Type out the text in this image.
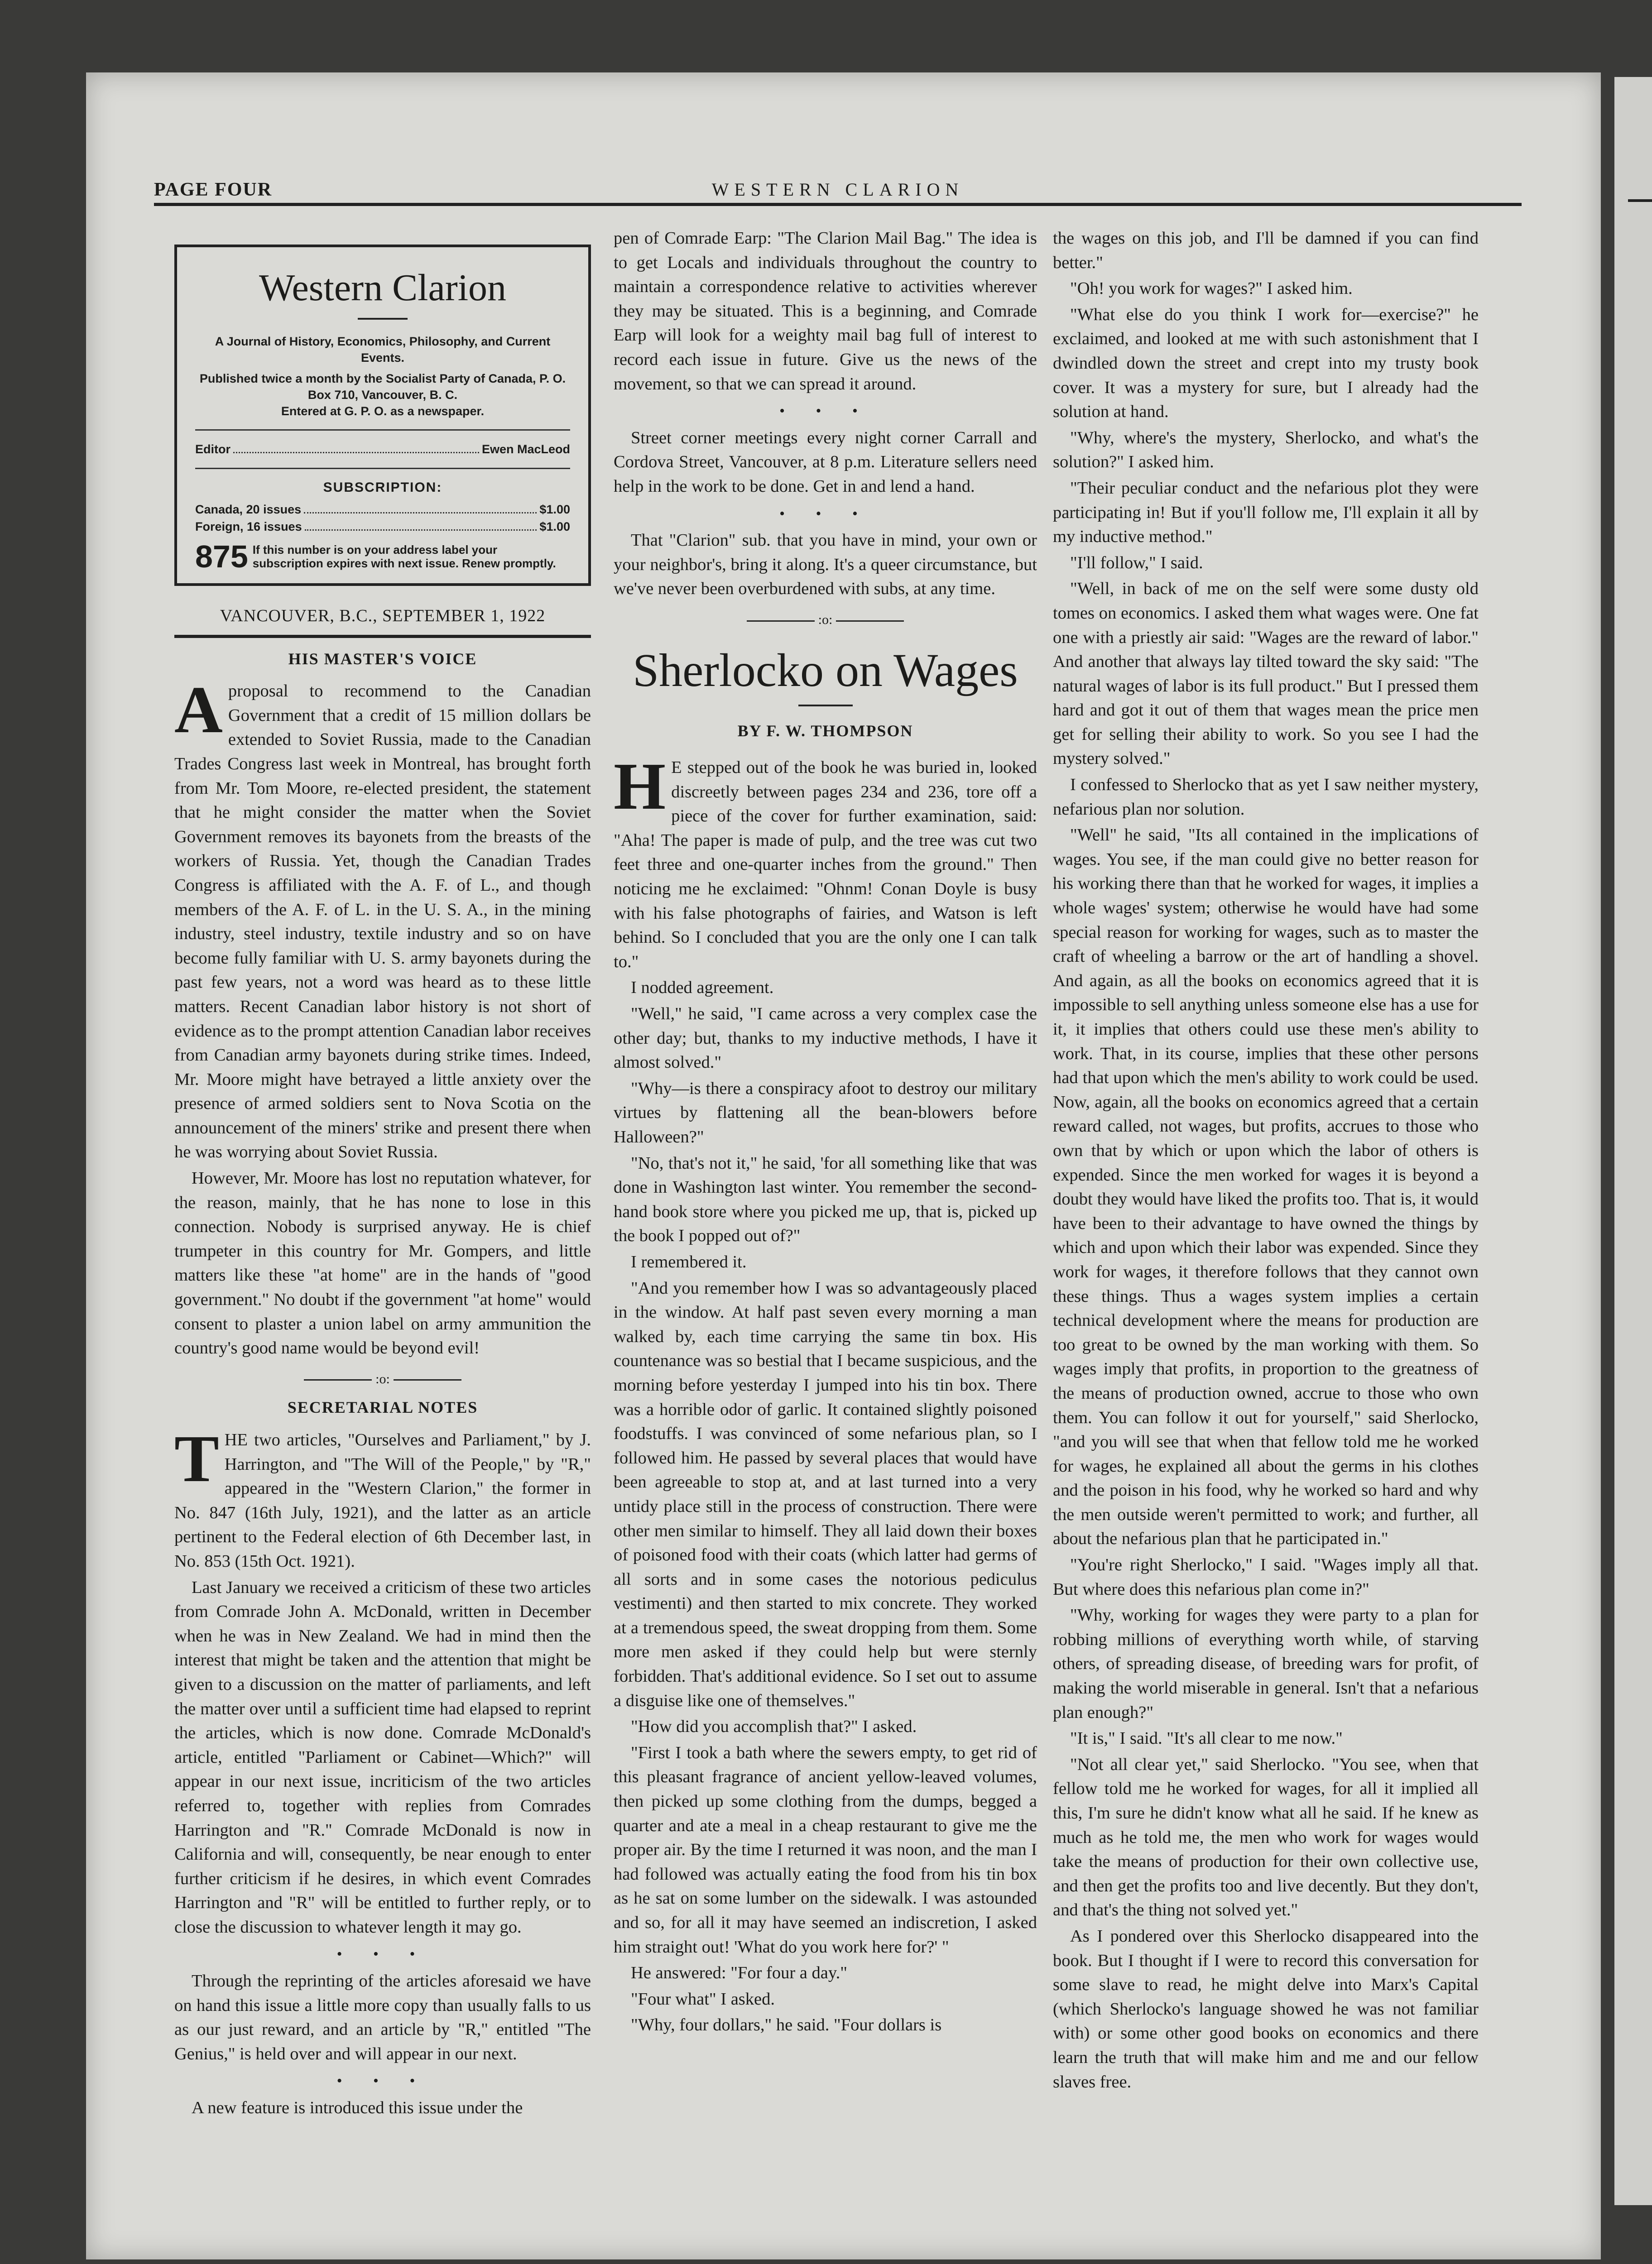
PAGE FOUR	WESTERN CLARION
Western Clarion
A Journal of History, Economics, Philosophy, and Current Events.
Published twice a month by the Socialist Party of Canada, P. O. Box 710, Vancouver, B. C.
Entered at G. P. O. as a newspaper.
Editor	Ewen MacLeod
SUBSCRIPTION:
Canada, 20 issues	$1.00
Foreign, 16 issues	$1.00
875 If this number is on your address label your subscription expires with next issue. Renew promptly.
VANCOUVER, B.C., SEPTEMBER 1, 1922
HIS MASTER'S VOICE

Aproposal to recommend to the Canadian Government that a credit of 15 million dollars be extended to Soviet Russia, made to the Canadian Trades Congress last week in Montreal, has brought forth from Mr. Tom Moore, re-elected president, the statement that he might consider the matter when the Soviet Government removes its bayonets from the breasts of the workers of Russia. Yet, though the Canadian Trades Congress is affiliated with the A. F. of L., and though members of the A. F. of L. in the U. S. A., in the mining industry, steel industry, textile industry and so on have become fully familiar with U. S. army bayonets during the past few years, not a word was heard as to these little matters. Recent Canadian labor history is not short of evidence as to the prompt attention Canadian labor receives from Canadian army bayonets during strike times. Indeed, Mr. Moore might have betrayed a little anxiety over the presence of armed soldiers sent to Nova Scotia on the announcement of the miners' strike and present there when he was worrying about Soviet Russia.

However, Mr. Moore has lost no reputation whatever, for the reason, mainly, that he has none to lose in this connection. Nobody is surprised anyway. He is chief trumpeter in this country for Mr. Gompers, and little matters like these "at home" are in the hands of "good government." No doubt if the government "at home" would consent to plaster a union label on army ammunition the country's good name would be beyond evil!

:o:
SECRETARIAL NOTES

THE two articles, "Ourselves and Parliament," by J. Harrington, and "The Will of the People," by "R," appeared in the "Western Clarion," the former in No. 847 (16th July, 1921), and the latter as an article pertinent to the Federal election of 6th December last, in No. 853 (15th Oct. 1921).

Last January we received a criticism of these two articles from Comrade John A. McDonald, written in December when he was in New Zealand. We had in mind then the interest that might be taken and the attention that might be given to a discussion on the matter of parliaments, and left the matter over until a sufficient time had elapsed to reprint the articles, which is now done. Comrade McDonald's article, entitled "Parliament or Cabinet—Which?" will appear in our next issue, incriticism of the two articles referred to, together with replies from Comrades Harrington and "R." Comrade McDonald is now in California and will, consequently, be near enough to enter further criticism if he desires, in which event Comrades Harrington and "R" will be entitled to further reply, or to close the discussion to whatever length it may go.

• • •

Through the reprinting of the articles aforesaid we have on hand this issue a little more copy than usually falls to us as our just reward, and an article by "R," entitled "The Genius," is held over and will appear in our next.

• • •

A new feature is introduced this issue under the

pen of Comrade Earp: "The Clarion Mail Bag." The idea is to get Locals and individuals throughout the country to maintain a correspondence relative to activities wherever they may be situated. This is a beginning, and Comrade Earp will look for a weighty mail bag full of interest to record each issue in future. Give us the news of the movement, so that we can spread it around.

• • •

Street corner meetings every night corner Carrall and Cordova Street, Vancouver, at 8 p.m. Literature sellers need help in the work to be done. Get in and lend a hand.

• • •

That "Clarion" sub. that you have in mind, your own or your neighbor's, bring it along. It's a queer circumstance, but we've never been overburdened with subs, at any time.

:o:
Sherlocko on Wages
BY F. W. THOMPSON

H E stepped out of the book he was buried in, looked discreetly between pages 234 and 236, tore off a piece of the cover for further examination, said: "Aha! The paper is made of pulp, and the tree was cut two feet three and one-quarter inches from the ground." Then noticing me he exclaimed: "Ohnm! Conan Doyle is busy with his false photographs of fairies, and Watson is left behind. So I concluded that you are the only one I can talk to."

I nodded agreement.

"Well," he said, "I came across a very complex case the other day; but, thanks to my inductive methods, I have it almost solved."

"Why—is there a conspiracy afoot to destroy our military virtues by flattening all the bean-blowers before Halloween?"

"No, that's not it," he said, 'for all something like that was done in Washington last winter. You remember the second-hand book store where you picked me up, that is, picked up the book I popped out of?"

I remembered it.

"And you remember how I was so advantageously placed in the window. At half past seven every morning a man walked by, each time carrying the same tin box. His countenance was so bestial that I became suspicious, and the morning before yesterday I jumped into his tin box. There was a horrible odor of garlic. It contained slightly poisoned foodstuffs. I was convinced of some nefarious plan, so I followed him. He passed by several places that would have been agreeable to stop at, and at last turned into a very untidy place still in the process of construction. There were other men similar to himself. They all laid down their boxes of poisoned food with their coats (which latter had germs of all sorts and in some cases the notorious pediculus vestimenti) and then started to mix concrete. They worked at a tremendous speed, the sweat dropping from them. Some more men asked if they could help but were sternly forbidden. That's additional evidence. So I set out to assume a disguise like one of themselves."

"How did you accomplish that?" I asked.

"First I took a bath where the sewers empty, to get rid of this pleasant fragrance of ancient yellow-leaved volumes, then picked up some clothing from the dumps, begged a quarter and ate a meal in a cheap restaurant to give me the proper air. By the time I returned it was noon, and the man I had followed was actually eating the food from his tin box as he sat on some lumber on the sidewalk. I was astounded and so, for all it may have seemed an indiscretion, I asked him straight out! 'What do you work here for?' "

He answered: "For four a day."

"Four what" I asked.

"Why, four dollars," he said. "Four dollars is

the wages on this job, and I'll be damned if you can find better."

"Oh! you work for wages?" I asked him.

"What else do you think I work for—exercise?" he exclaimed, and looked at me with such astonishment that I dwindled down the street and crept into my trusty book cover. It was a mystery for sure, but I already had the solution at hand.

"Why, where's the mystery, Sherlocko, and what's the solution?" I asked him.

"Their peculiar conduct and the nefarious plot they were participating in! But if you'll follow me, I'll explain it all by my inductive method."

"I'll follow," I said.

"Well, in back of me on the self were some dusty old tomes on economics. I asked them what wages were. One fat one with a priestly air said: "Wages are the reward of labor." And another that always lay tilted toward the sky said: "The natural wages of labor is its full product." But I pressed them hard and got it out of them that wages mean the price men get for selling their ability to work. So you see I had the mystery solved."

I confessed to Sherlocko that as yet I saw neither mystery, nefarious plan nor solution.

"Well" he said, "Its all contained in the implications of wages. You see, if the man could give no better reason for his working there than that he worked for wages, it implies a whole wages' system; otherwise he would have had some special reason for working for wages, such as to master the craft of wheeling a barrow or the art of handling a shovel. And again, as all the books on economics agreed that it is impossible to sell anything unless someone else has a use for it, it implies that others could use these men's ability to work. That, in its course, implies that these other persons had that upon which the men's ability to work could be used. Now, again, all the books on economics agreed that a certain reward called, not wages, but profits, accrues to those who own that by which or upon which the labor of others is expended. Since the men worked for wages it is beyond a doubt they would have liked the profits too. That is, it would have been to their advantage to have owned the things by which and upon which their labor was expended. Since they work for wages, it therefore follows that they cannot own these things. Thus a wages system implies a certain technical development where the means for production are too great to be owned by the man working with them. So wages imply that profits, in proportion to the greatness of the means of production owned, accrue to those who own them. You can follow it out for yourself," said Sherlocko, "and you will see that when that fellow told me he worked for wages, he explained all about the germs in his clothes and the poison in his food, why he worked so hard and why the men outside weren't permitted to work; and further, all about the nefarious plan that he participated in."

"You're right Sherlocko," I said. "Wages imply all that. But where does this nefarious plan come in?"

"Why, working for wages they were party to a plan for robbing millions of everything worth while, of starving others, of spreading disease, of breeding wars for profit, of making the world miserable in general. Isn't that a nefarious plan enough?"

"It is," I said. "It's all clear to me now."

"Not all clear yet," said Sherlocko. "You see, when that fellow told me he worked for wages, for all it implied all this, I'm sure he didn't know what all he said. If he knew as much as he told me, the men who work for wages would take the means of production for their own collective use, and then get the profits too and live decently. But they don't, and that's the thing not solved yet."

As I pondered over this Sherlocko disappeared into the book. But I thought if I were to record this conversation for some slave to read, he might delve into Marx's Capital (which Sherlocko's language showed he was not familiar with) or some other good books on economics and there learn the truth that will make him and me and our fellow slaves free.
